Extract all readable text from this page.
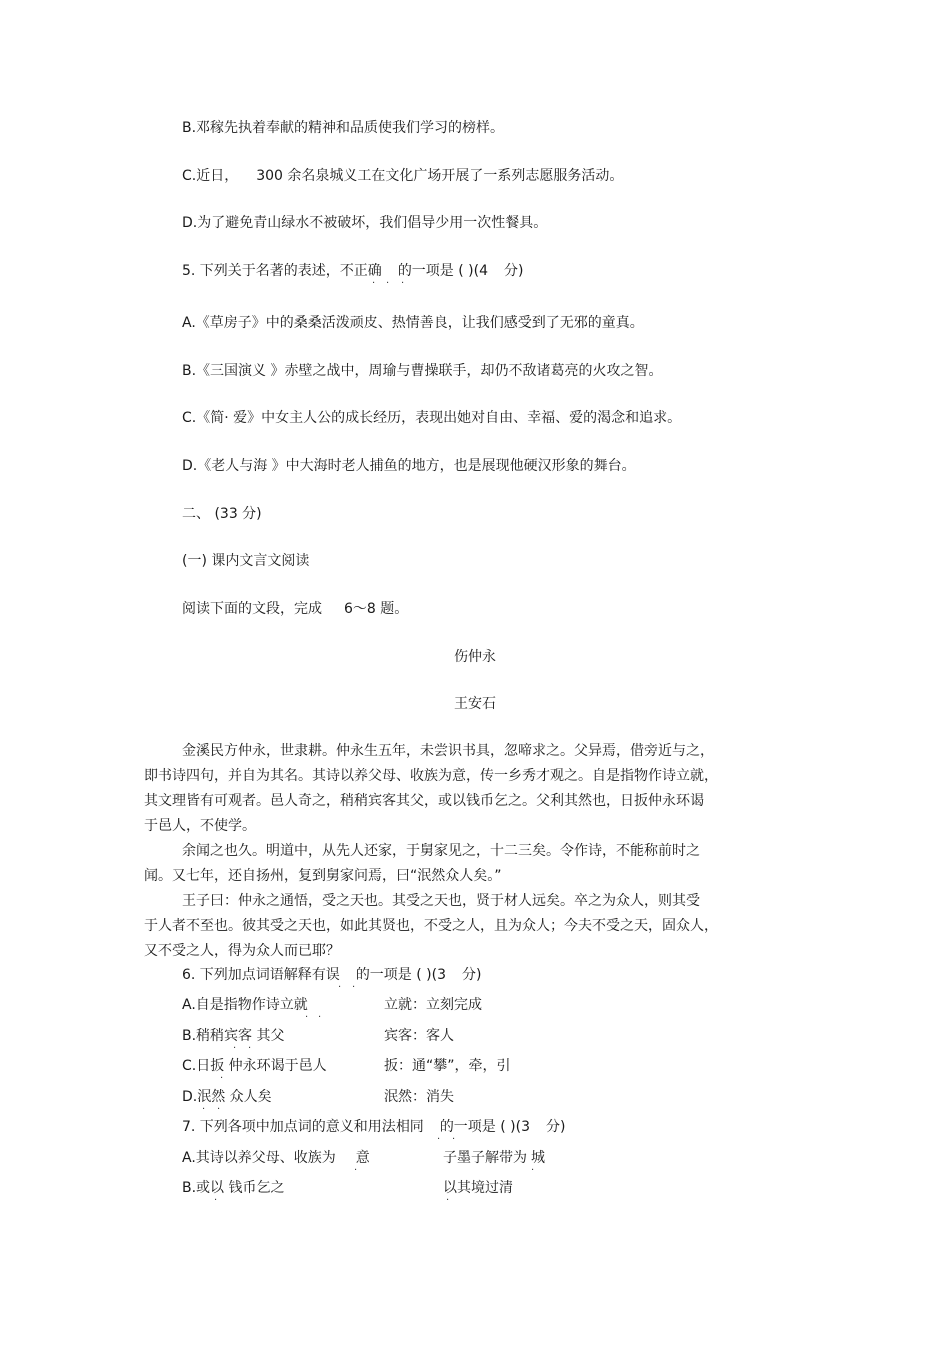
B.邓稼先执着奉献的精神和品质使我们学习的榜样。
C.近日， 300 余名泉城义工在文化广场开展了一系列志愿服务活动。
D.为了避免青山绿水不被破坏，我们倡导少用一次性餐具。
5. 下列关于名著的表述，不正确 的一项是 ( )(4 分)
· · ·
A.《草房子》中的桑桑活泼顽皮、热情善良，让我们感受到了无邪的童真。
B.《三国演义 》赤壁之战中，周瑜与曹操联手，却仍不敌诸葛亮的火攻之智。
C.《简· 爱》中女主人公的成长经历，表现出她对自由、幸福、爱的渴念和追求。
D.《老人与海 》中大海时老人捕鱼的地方，也是展现他硬汉形象的舞台。
二、 (33 分)
(一) 课内文言文阅读
阅读下面的文段，完成 6～8 题。
伤仲永
王安石
金溪民方仲永，世隶耕。仲永生五年，未尝识书具，忽啼求之。父异焉，借旁近与之，
即书诗四句，并自为其名。其诗以养父母、收族为意，传一乡秀才观之。自是指物作诗立就，
其文理皆有可观者。邑人奇之，稍稍宾客其父，或以钱币乞之。父利其然也，日扳仲永环谒
于邑人，不使学。
余闻之也久。明道中，从先人还家，于舅家见之，十二三矣。令作诗，不能称前时之
闻。又七年，还自扬州，复到舅家问焉，曰“泯然众人矣。”
王子曰：仲永之通悟，受之天也。其受之天也，贤于材人远矣。卒之为众人，则其受
于人者不至也。彼其受之天也，如此其贤也，不受之人，且为众人；今夫不受之天，固众人，
又不受之人，得为众人而已耶？
6. 下列加点词语解释有误 的一项是 ( )(3 分)
· ·
A.自是指物作诗立就	立就：立刻完成
· ·
B.稍稍宾客 其父	宾客：客人
· ·
C.日扳 仲永环谒于邑人	扳：通“攀”，牵，引
·
D.泯然 众人矣	泯然：消失
· ·
7. 下列各项中加点词的意义和用法相同 的一项是 ( )(3 分)
· ·
A.其诗以养父母、收族为 意	子墨子解带为 城
·	·
B.或以 钱币乞之	以其境过清
·	·
